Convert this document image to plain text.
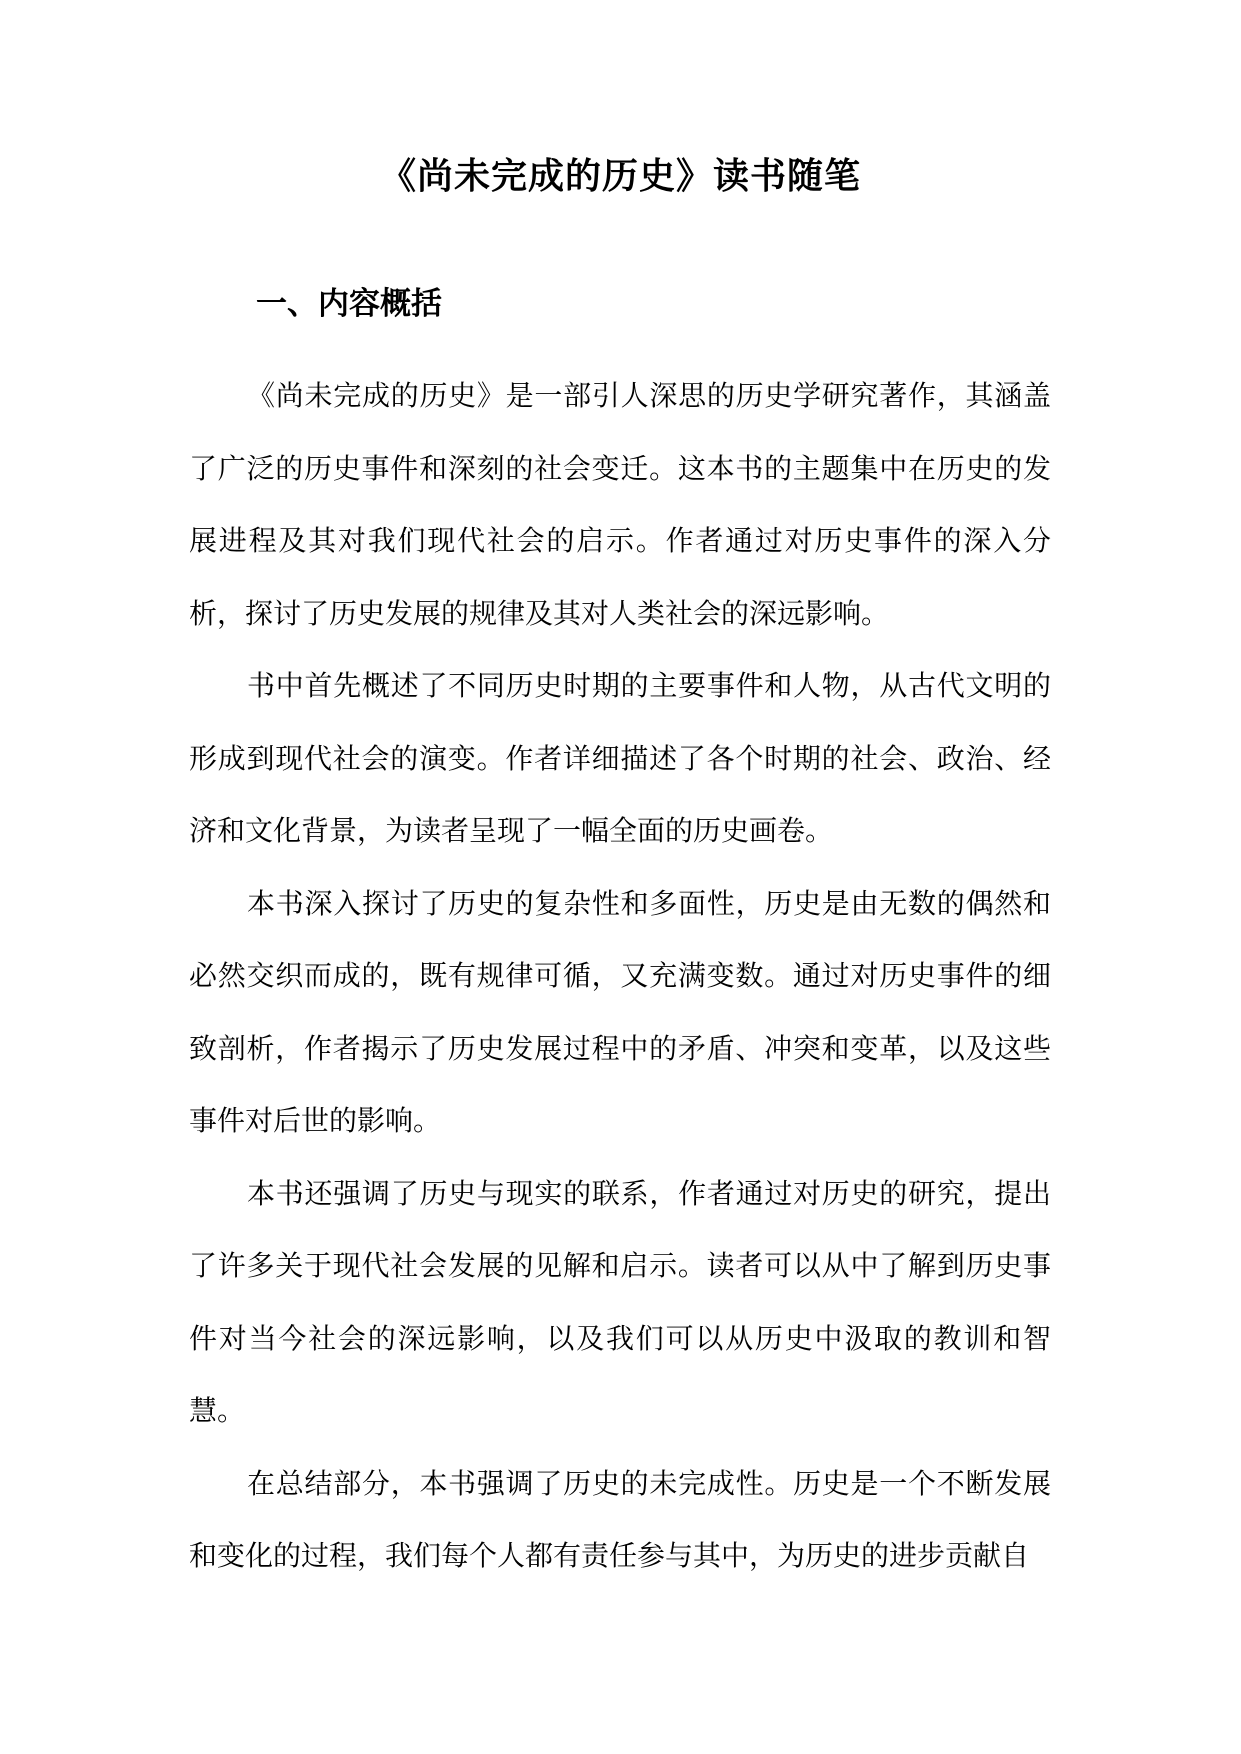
《尚未完成的历史》读书随笔
一、内容概括

《尚未完成的历史》是一部引人深思的历史学研究著作，其涵盖了广泛的历史事件和深刻的社会变迁。这本书的主题集中在历史的发展进程及其对我们现代社会的启示。作者通过对历史事件的深入分析，探讨了历史发展的规律及其对人类社会的深远影响。

书中首先概述了不同历史时期的主要事件和人物，从古代文明的形成到现代社会的演变。作者详细描述了各个时期的社会、政治、经济和文化背景，为读者呈现了一幅全面的历史画卷。

本书深入探讨了历史的复杂性和多面性，历史是由无数的偶然和必然交织而成的，既有规律可循，又充满变数。通过对历史事件的细致剖析，作者揭示了历史发展过程中的矛盾、冲突和变革，以及这些事件对后世的影响。

本书还强调了历史与现实的联系，作者通过对历史的研究，提出了许多关于现代社会发展的见解和启示。读者可以从中了解到历史事件对当今社会的深远影响，以及我们可以从历史中汲取的教训和智慧。

在总结部分，本书强调了历史的未完成性。历史是一个不断发展和变化的过程，我们每个人都有责任参与其中，为历史的进步贡献自
